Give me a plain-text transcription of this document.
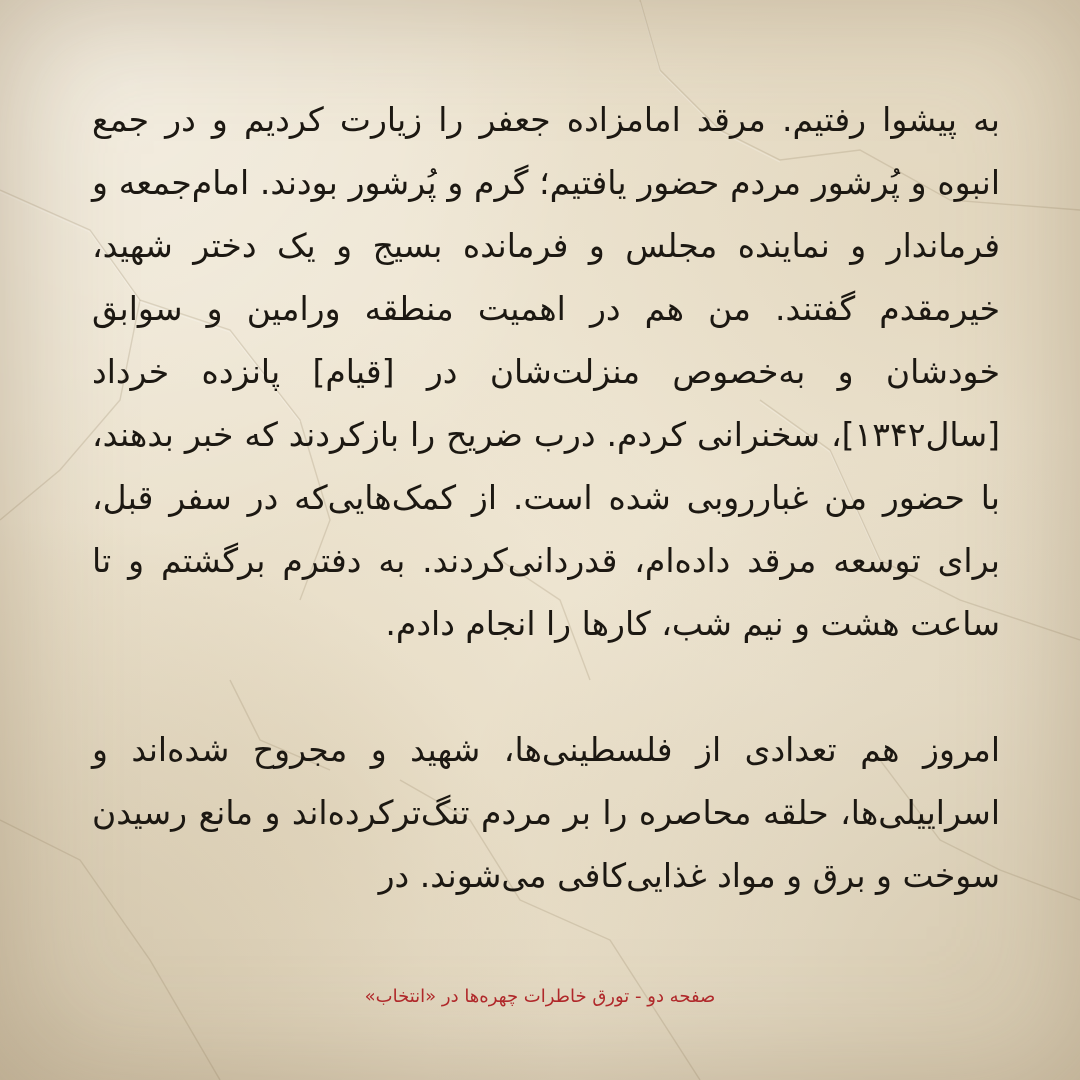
به پیشوا رفتیم. مرقد امامزاده جعفر را زیارت کردیم و در جمع انبوه و پُرشور مردم حضور یافتیم؛ گرم و پُرشور بودند. امام‌جمعه و فرماندار و نماینده مجلس و فرمانده بسیج و یک دختر شهید، خیرمقدم گفتند. من هم در اهمیت منطقه ورامین و سوابق خودشان و به‌خصوص منزلت‌شان در [قیام] پانزده خرداد [سال۱۳۴۲]، سخنرانی کردم. درب ضریح را بازکردند که خبر بدهند، با حضور من غبارروبی شده است. از کمک‌هایی‌که در سفر قبل، برای توسعه مرقد داده‌ام، قدردانی‌کردند. به دفترم برگشتم و تا ساعت هشت و نیم شب، کارها را انجام دادم.

امروز هم تعدادی از فلسطینی‌ها، شهید و مجروح شده‌اند و اسراییلی‌ها، حلقه محاصره را بر مردم تنگ‌ترکرده‌اند و مانع رسیدن سوخت و برق و مواد غذایی‌کافی می‌شوند. در

صفحه دو - تورق خاطرات چهره‌ها در «انتخاب»
